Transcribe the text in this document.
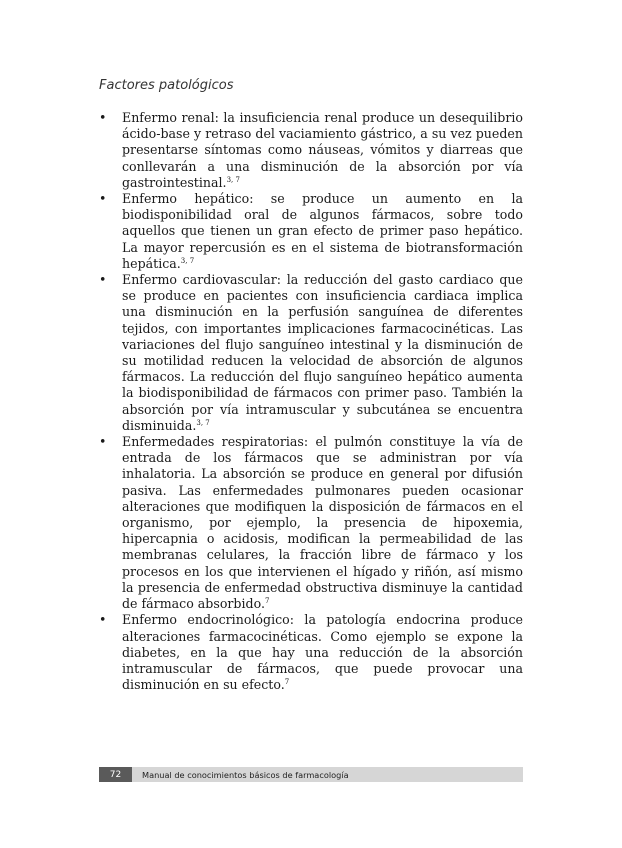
Factores patológicos
• Enfermo renal: la insuficiencia renal produce un desequilibrio ácido-base y retraso del vaciamiento gástrico, a su vez pueden presentarse síntomas como náuseas, vómitos y diarreas que conllevarán a una disminución de la absorción por vía gastrointestinal.$^{3, 7}$
• Enfermo hepático: se produce un aumento en la biodisponibilidad oral de algunos fármacos, sobre todo aquellos que tienen un gran efecto de primer paso hepático. La mayor repercusión es en el sistema de biotransformación hepática.$^{3, 7}$
• Enfermo cardiovascular: la reducción del gasto cardiaco que se produce en pacientes con insuficiencia cardiaca implica una disminución en la perfusión sanguínea de diferentes tejidos, con importantes implicaciones farmacocinéticas. Las variaciones del flujo sanguíneo intestinal y la disminución de su motilidad reducen la velocidad de absorción de algunos fármacos. La reducción del flujo sanguíneo hepático aumenta la biodisponibilidad de fármacos con primer paso. También la absorción por vía intramuscular y subcutánea se encuentra disminuida.$^{3, 7}$
• Enfermedades respiratorias: el pulmón constituye la vía de entrada de los fármacos que se administran por vía inhalatoria. La absorción se produce en general por difusión pasiva. Las enfermedades pulmonares pueden ocasionar alteraciones que modifiquen la disposición de fármacos en el organismo, por ejemplo, la presencia de hipoxemia, hipercapnia o acidosis, modifican la permeabilidad de las membranas celulares, la fracción libre de fármaco y los procesos en los que intervienen el hígado y riñón, así mismo la presencia de enfermedad obstructiva disminuye la cantidad de fármaco absorbido.$^7$
• Enfermo endocrinológico: la patología endocrina produce alteraciones farmacocinéticas. Como ejemplo se expone la diabetes, en la que hay una reducción de la absorción intramuscular de fármacos, que puede provocar una disminución en su efecto.$^7$
72	Manual de conocimientos básicos de farmacología
